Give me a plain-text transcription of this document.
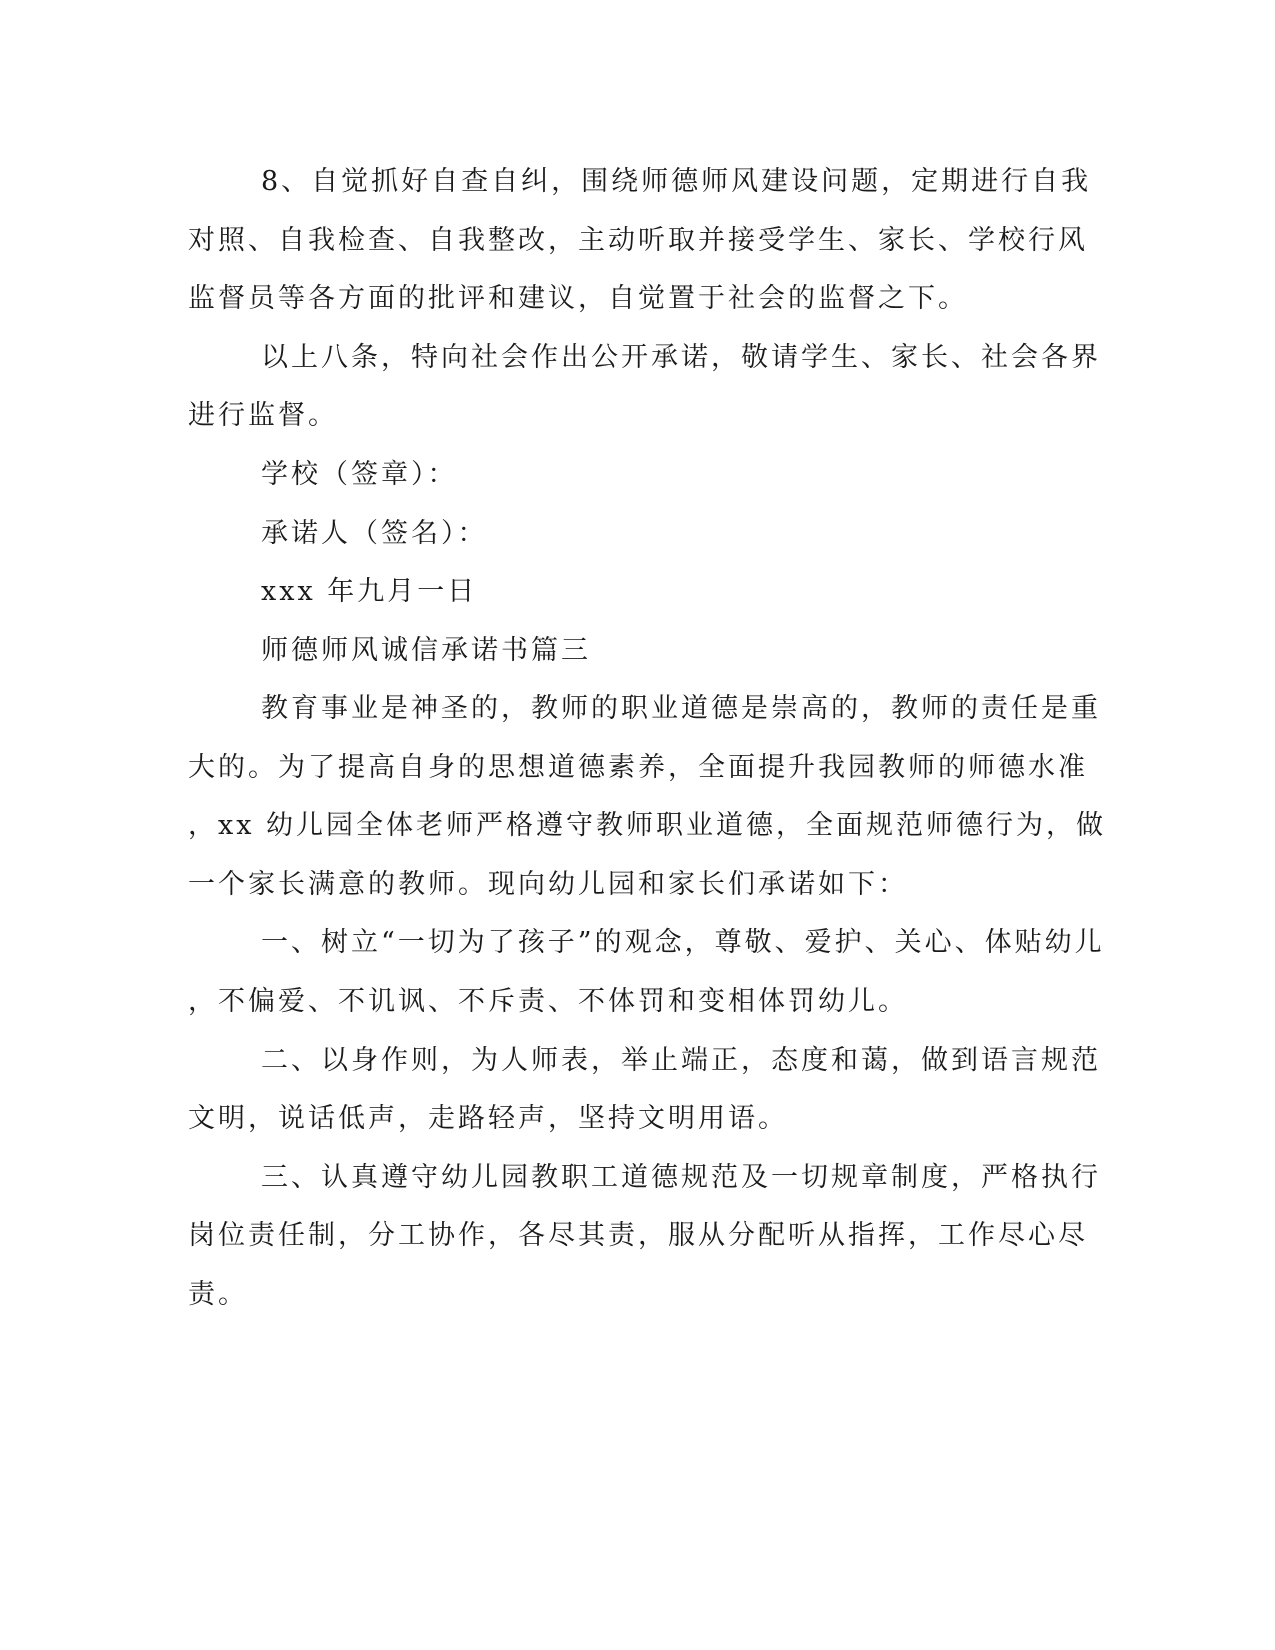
8、自觉抓好自查自纠，围绕师德师风建设问题，定期进行自我
对照、自我检查、自我整改，主动听取并接受学生、家长、学校行风
监督员等各方面的批评和建议，自觉置于社会的监督之下。
以上八条，特向社会作出公开承诺，敬请学生、家长、社会各界
进行监督。
学校（签章）：
承诺人（签名）：
xxx 年九月一日
师德师风诚信承诺书篇三
教育事业是神圣的，教师的职业道德是崇高的，教师的责任是重
大的。为了提高自身的思想道德素养，全面提升我园教师的师德水准
，xx 幼儿园全体老师严格遵守教师职业道德，全面规范师德行为，做
一个家长满意的教师。现向幼儿园和家长们承诺如下：
一、树立“一切为了孩子”的观念，尊敬、爱护、关心、体贴幼儿
，不偏爱、不讥讽、不斥责、不体罚和变相体罚幼儿。
二、以身作则，为人师表，举止端正，态度和蔼，做到语言规范
文明，说话低声，走路轻声，坚持文明用语。
三、认真遵守幼儿园教职工道德规范及一切规章制度，严格执行
岗位责任制，分工协作，各尽其责，服从分配听从指挥，工作尽心尽
责。
